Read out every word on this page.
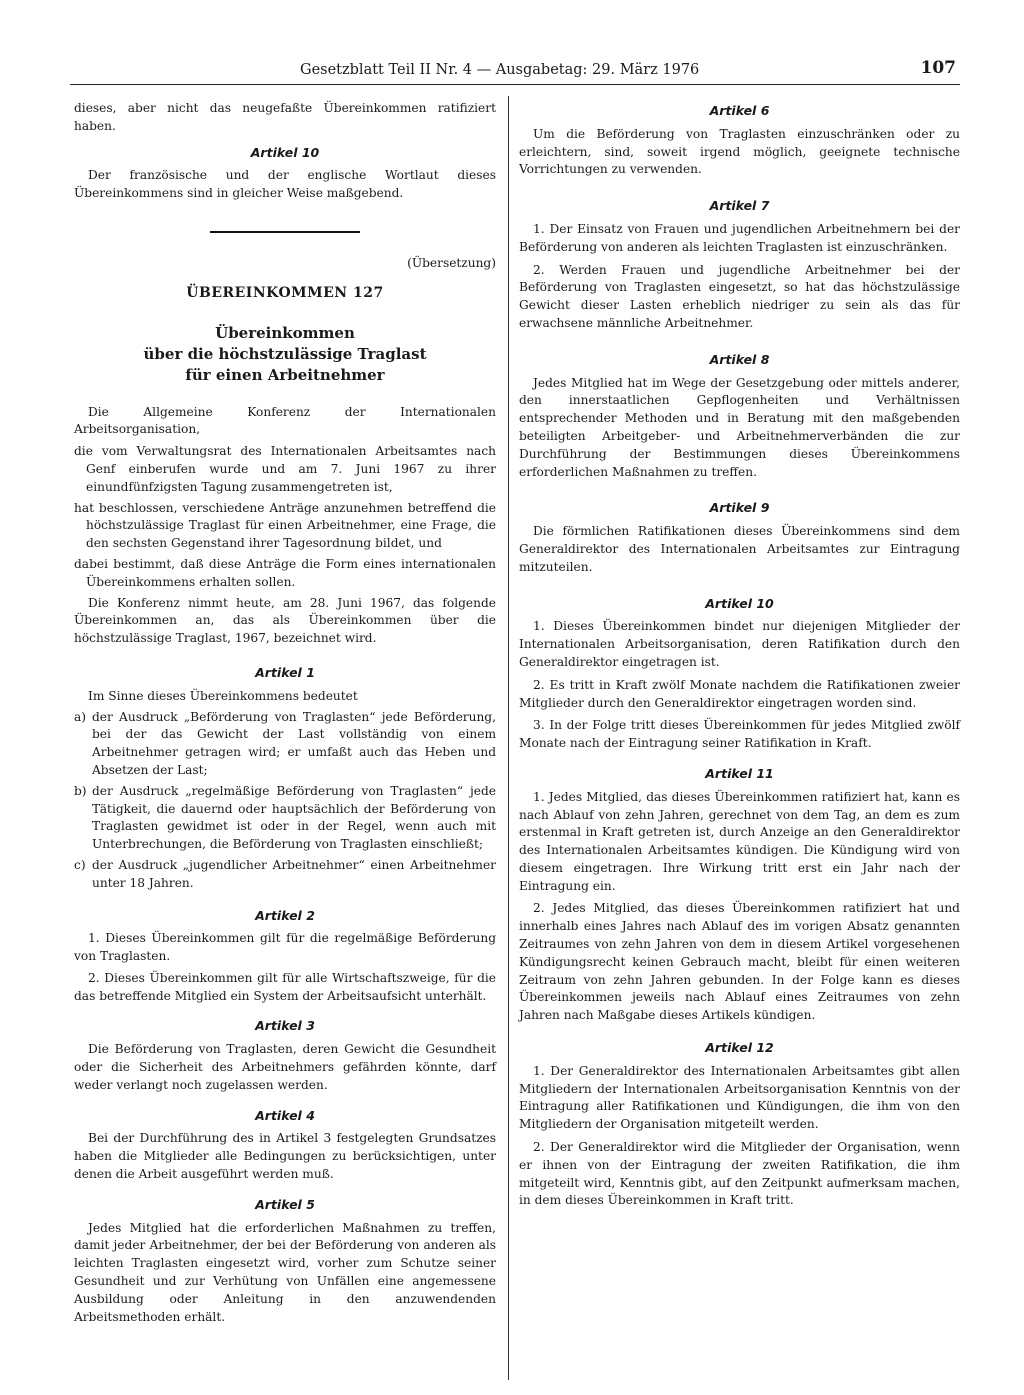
Gesetzblatt Teil II Nr. 4 — Ausgabetag: 29. März 1976	107

dieses, aber nicht das neugefaßte Übereinkommen ratifiziert haben.

Artikel 10

Der französische und der englische Wortlaut dieses Übereinkommens sind in gleicher Weise maßgebend.

(Übersetzung)

ÜBEREINKOMMEN 127

Übereinkommen
über die höchstzulässige Traglast
für einen Arbeitnehmer

Die Allgemeine Konferenz der Internationalen Arbeitsorganisation,

die vom Verwaltungsrat des Internationalen Arbeitsamtes nach Genf einberufen wurde und am 7. Juni 1967 zu ihrer einundfünfzigsten Tagung zusammengetreten ist,

hat beschlossen, verschiedene Anträge anzunehmen betreffend die höchstzulässige Traglast für einen Arbeitnehmer, eine Frage, die den sechsten Gegenstand ihrer Tagesordnung bildet, und

dabei bestimmt, daß diese Anträge die Form eines internationalen Übereinkommens erhalten sollen.

Die Konferenz nimmt heute, am 28. Juni 1967, das folgende Übereinkommen an, das als Übereinkommen über die höchstzulässige Traglast, 1967, bezeichnet wird.

Artikel 1

Im Sinne dieses Übereinkommens bedeutet

a) der Ausdruck „Beförderung von Traglasten“ jede Beförderung, bei der das Gewicht der Last vollständig von einem Arbeitnehmer getragen wird; er umfaßt auch das Heben und Absetzen der Last;
b) der Ausdruck „regelmäßige Beförderung von Traglasten“ jede Tätigkeit, die dauernd oder hauptsächlich der Beförderung von Traglasten gewidmet ist oder in der Regel, wenn auch mit Unterbrechungen, die Beförderung von Traglasten einschließt;
c) der Ausdruck „jugendlicher Arbeitnehmer“ einen Arbeitnehmer unter 18 Jahren.

Artikel 2

1. Dieses Übereinkommen gilt für die regelmäßige Beförderung von Traglasten.

2. Dieses Übereinkommen gilt für alle Wirtschaftszweige, für die das betreffende Mitglied ein System der Arbeitsaufsicht unterhält.

Artikel 3

Die Beförderung von Traglasten, deren Gewicht die Gesundheit oder die Sicherheit des Arbeitnehmers gefährden könnte, darf weder verlangt noch zugelassen werden.

Artikel 4

Bei der Durchführung des in Artikel 3 festgelegten Grundsatzes haben die Mitglieder alle Bedingungen zu berücksichtigen, unter denen die Arbeit ausgeführt werden muß.

Artikel 5

Jedes Mitglied hat die erforderlichen Maßnahmen zu treffen, damit jeder Arbeitnehmer, der bei der Beförderung von anderen als leichten Traglasten eingesetzt wird, vorher zum Schutze seiner Gesundheit und zur Verhütung von Unfällen eine angemessene Ausbildung oder Anleitung in den anzuwendenden Arbeitsmethoden erhält.

Artikel 6

Um die Beförderung von Traglasten einzuschränken oder zu erleichtern, sind, soweit irgend möglich, geeignete technische Vorrichtungen zu verwenden.

Artikel 7

1. Der Einsatz von Frauen und jugendlichen Arbeitnehmern bei der Beförderung von anderen als leichten Traglasten ist einzuschränken.

2. Werden Frauen und jugendliche Arbeitnehmer bei der Beförderung von Traglasten eingesetzt, so hat das höchstzulässige Gewicht dieser Lasten erheblich niedriger zu sein als das für erwachsene männliche Arbeitnehmer.

Artikel 8

Jedes Mitglied hat im Wege der Gesetzgebung oder mittels anderer, den innerstaatlichen Gepflogenheiten und Verhältnissen entsprechender Methoden und in Beratung mit den maßgebenden beteiligten Arbeitgeber- und Arbeitnehmerverbänden die zur Durchführung der Bestimmungen dieses Übereinkommens erforderlichen Maßnahmen zu treffen.

Artikel 9

Die förmlichen Ratifikationen dieses Übereinkommens sind dem Generaldirektor des Internationalen Arbeitsamtes zur Eintragung mitzuteilen.

Artikel 10

1. Dieses Übereinkommen bindet nur diejenigen Mitglieder der Internationalen Arbeitsorganisation, deren Ratifikation durch den Generaldirektor eingetragen ist.

2. Es tritt in Kraft zwölf Monate nachdem die Ratifikationen zweier Mitglieder durch den Generaldirektor eingetragen worden sind.

3. In der Folge tritt dieses Übereinkommen für jedes Mitglied zwölf Monate nach der Eintragung seiner Ratifikation in Kraft.

Artikel 11

1. Jedes Mitglied, das dieses Übereinkommen ratifiziert hat, kann es nach Ablauf von zehn Jahren, gerechnet von dem Tag, an dem es zum erstenmal in Kraft getreten ist, durch Anzeige an den Generaldirektor des Internationalen Arbeitsamtes kündigen. Die Kündigung wird von diesem eingetragen. Ihre Wirkung tritt erst ein Jahr nach der Eintragung ein.

2. Jedes Mitglied, das dieses Übereinkommen ratifiziert hat und innerhalb eines Jahres nach Ablauf des im vorigen Absatz genannten Zeitraumes von zehn Jahren von dem in diesem Artikel vorgesehenen Kündigungsrecht keinen Gebrauch macht, bleibt für einen weiteren Zeitraum von zehn Jahren gebunden. In der Folge kann es dieses Übereinkommen jeweils nach Ablauf eines Zeitraumes von zehn Jahren nach Maßgabe dieses Artikels kündigen.

Artikel 12

1. Der Generaldirektor des Internationalen Arbeitsamtes gibt allen Mitgliedern der Internationalen Arbeitsorganisation Kenntnis von der Eintragung aller Ratifikationen und Kündigungen, die ihm von den Mitgliedern der Organisation mitgeteilt werden.

2. Der Generaldirektor wird die Mitglieder der Organisation, wenn er ihnen von der Eintragung der zweiten Ratifikation, die ihm mitgeteilt wird, Kenntnis gibt, auf den Zeitpunkt aufmerksam machen, in dem dieses Übereinkommen in Kraft tritt.
